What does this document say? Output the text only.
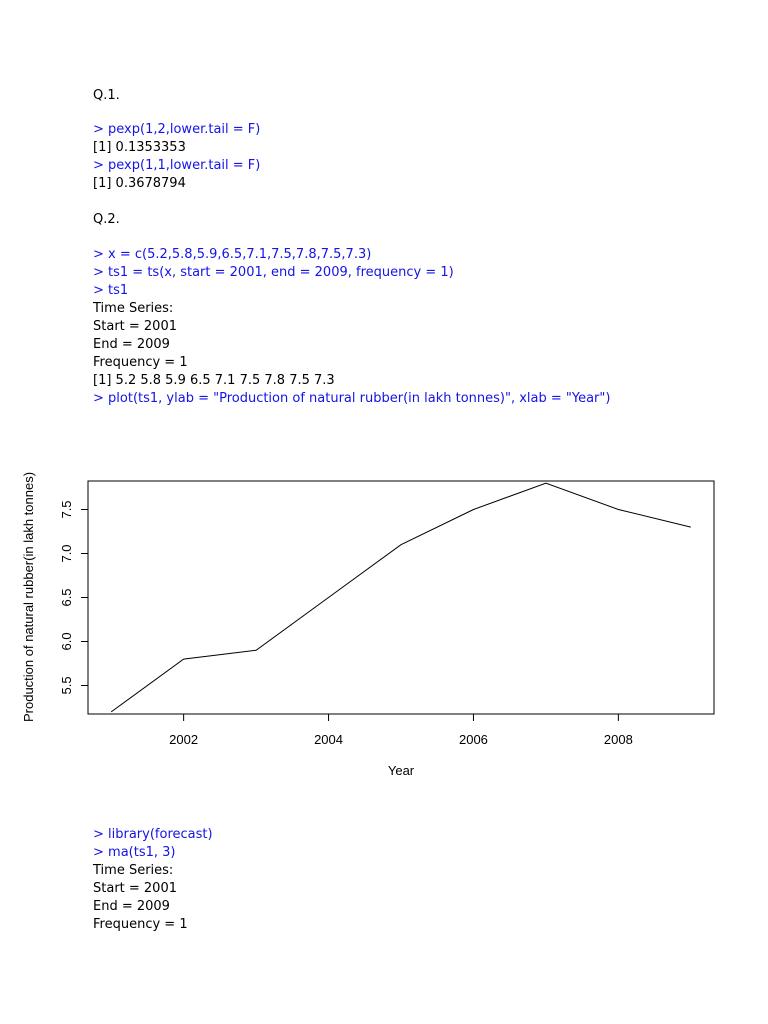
Q.1.
> pexp(1,2,lower.tail = F)
[1] 0.1353353
> pexp(1,1,lower.tail = F)
[1] 0.3678794
Q.2.
> x = c(5.2,5.8,5.9,6.5,7.1,7.5,7.8,7.5,7.3)
> ts1 = ts(x, start = 2001, end = 2009, frequency = 1)
> ts1
Time Series:
Start = 2001
End = 2009
Frequency = 1
[1] 5.2 5.8 5.9 6.5 7.1 7.5 7.8 7.5 7.3
> plot(ts1, ylab = "Production of natural rubber(in lakh tonnes)", xlab = "Year")
2002	2004	2006	2008
5.5
6.0
6.5
7.0
7.5
Year
Production of natural rubber(in lakh tonnes)
> library(forecast)
> ma(ts1, 3)
Time Series:
Start = 2001
End = 2009
Frequency = 1
